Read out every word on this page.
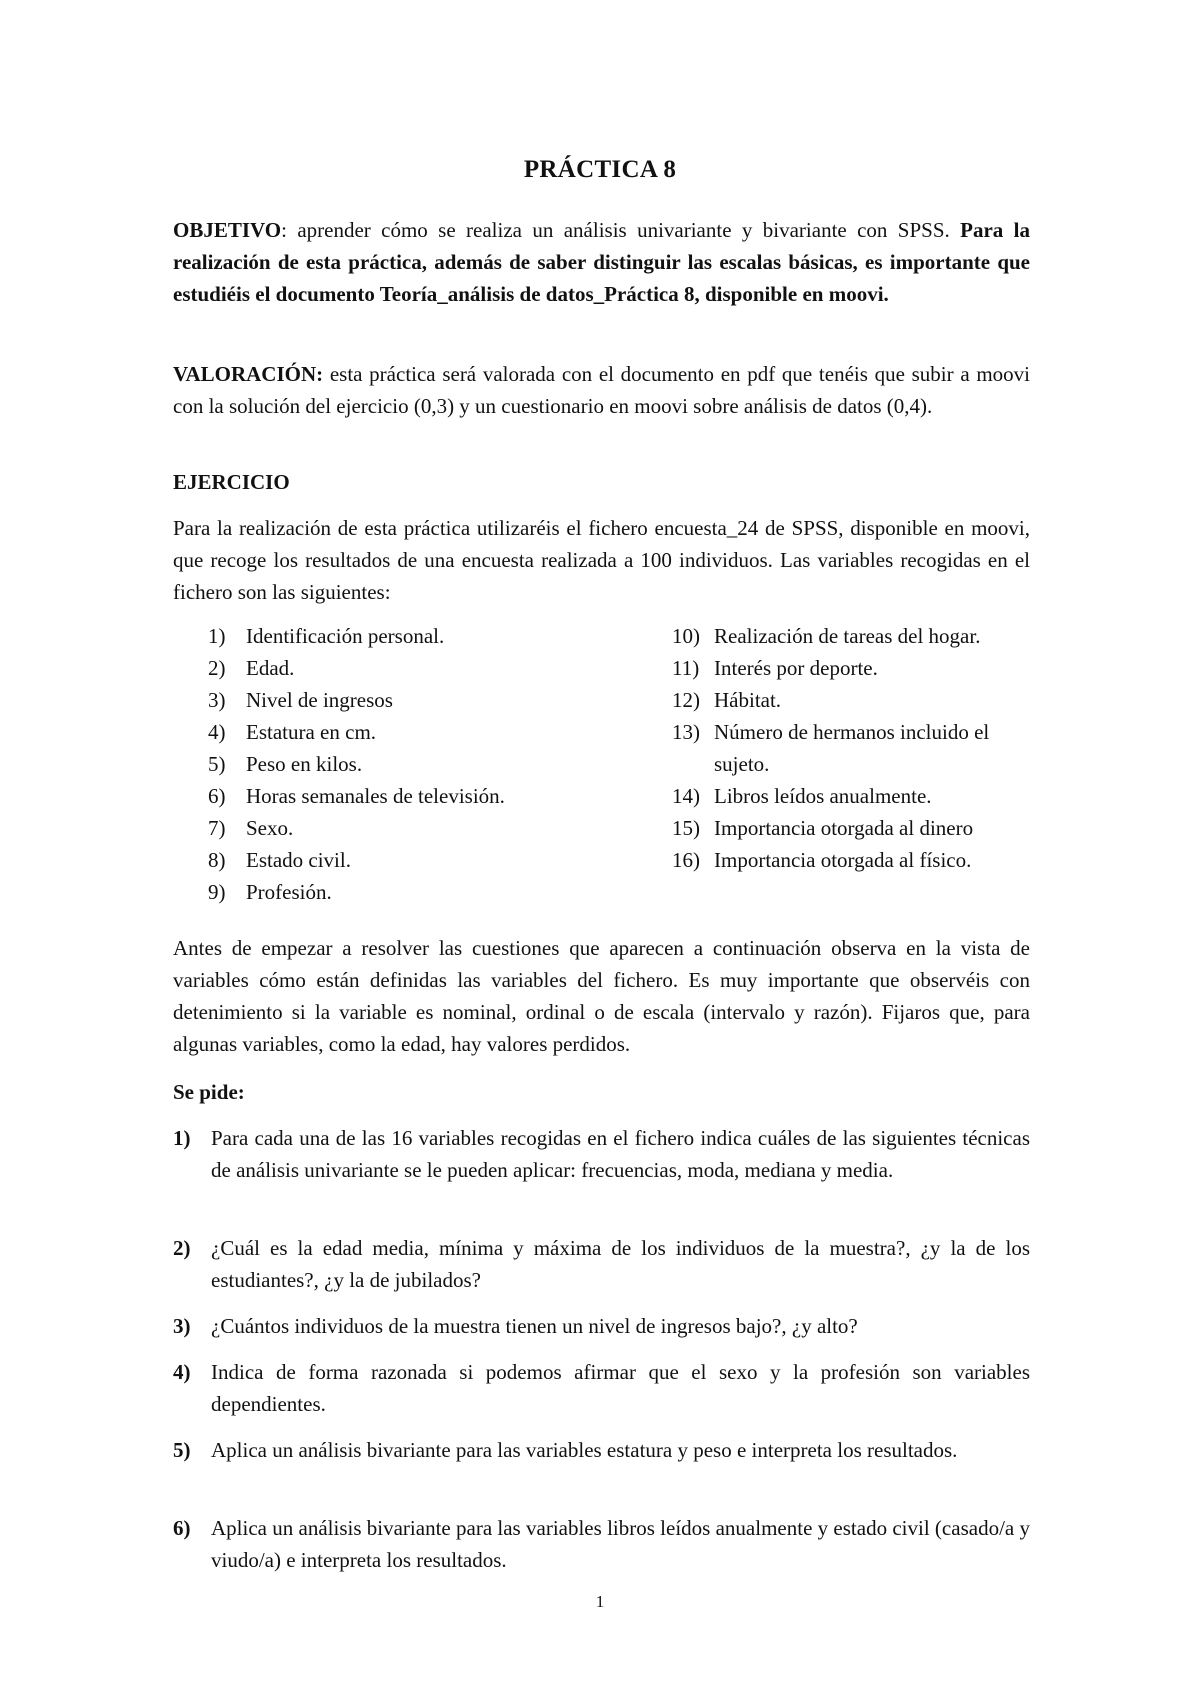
PRÁCTICA 8
OBJETIVO: aprender cómo se realiza un análisis univariante y bivariante con SPSS. Para la realización de esta práctica, además de saber distinguir las escalas básicas, es importante que estudiéis el documento Teoría_análisis de datos_Práctica 8, disponible en moovi.
VALORACIÓN: esta práctica será valorada con el documento en pdf que tenéis que subir a moovi con la solución del ejercicio (0,3) y un cuestionario en moovi sobre análisis de datos (0,4).
EJERCICIO
Para la realización de esta práctica utilizaréis el fichero encuesta_24 de SPSS, disponible en moovi, que recoge los resultados de una encuesta realizada a 100 individuos. Las variables recogidas en el fichero son las siguientes:
1) Identificación personal.
2) Edad.
3) Nivel de ingresos
4) Estatura en cm.
5) Peso en kilos.
6) Horas semanales de televisión.
7) Sexo.
8) Estado civil.
9) Profesión.
10) Realización de tareas del hogar.
11) Interés por deporte.
12) Hábitat.
13) Número de hermanos incluido el sujeto.
14) Libros leídos anualmente.
15) Importancia otorgada al dinero
16) Importancia otorgada al físico.
Antes de empezar a resolver las cuestiones que aparecen a continuación observa en la vista de variables cómo están definidas las variables del fichero. Es muy importante que observéis con detenimiento si la variable es nominal, ordinal o de escala (intervalo y razón). Fijaros que, para algunas variables, como la edad, hay valores perdidos.
Se pide:
1) Para cada una de las 16 variables recogidas en el fichero indica cuáles de las siguientes técnicas de análisis univariante se le pueden aplicar: frecuencias, moda, mediana y media.
2) ¿Cuál es la edad media, mínima y máxima de los individuos de la muestra?, ¿y la de los estudiantes?, ¿y la de jubilados?
3) ¿Cuántos individuos de la muestra tienen un nivel de ingresos bajo?, ¿y alto?
4) Indica de forma razonada si podemos afirmar que el sexo y la profesión son variables dependientes.
5) Aplica un análisis bivariante para las variables estatura y peso e interpreta los resultados.
6) Aplica un análisis bivariante para las variables libros leídos anualmente y estado civil (casado/a y viudo/a) e interpreta los resultados.
1
